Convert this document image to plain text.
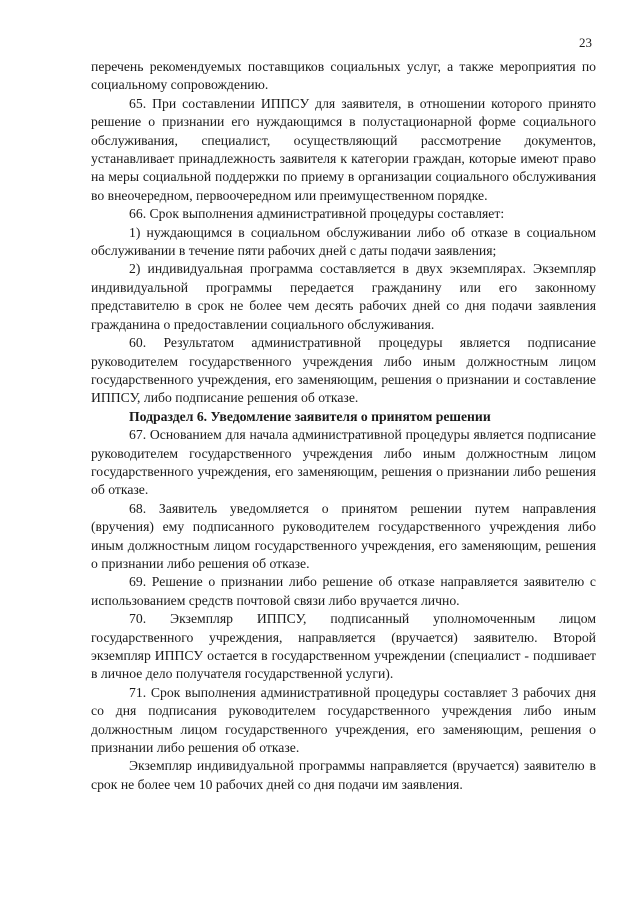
23

перечень рекомендуемых поставщиков социальных услуг, а также мероприятия по социальному сопровождению.

65. При составлении ИППСУ для заявителя, в отношении которого принято решение о признании его нуждающимся в полустационарной форме социального обслуживания, специалист, осуществляющий рассмотрение документов, устанавливает принадлежность заявителя к категории граждан, которые имеют право на меры социальной поддержки по приему в организации социального обслуживания во внеочередном, первоочередном или преимущественном порядке.

66. Срок выполнения административной процедуры составляет:

1) нуждающимся в социальном обслуживании либо об отказе в социальном обслуживании в течение пяти рабочих дней с даты подачи заявления;

2) индивидуальная программа составляется в двух экземплярах. Экземпляр индивидуальной программы передается гражданину или его законному представителю в срок не более чем десять рабочих дней со дня подачи заявления гражданина о предоставлении социального обслуживания.

60. Результатом административной процедуры является подписание руководителем государственного учреждения либо иным должностным лицом государственного учреждения, его заменяющим, решения о признании и составление ИППСУ, либо подписание решения об отказе.

Подраздел 6. Уведомление заявителя о принятом решении

67. Основанием для начала административной процедуры является подписание руководителем государственного учреждения либо иным должностным лицом государственного учреждения, его заменяющим, решения о признании либо решения об отказе.

68. Заявитель уведомляется о принятом решении путем направления (вручения) ему подписанного руководителем государственного учреждения либо иным должностным лицом государственного учреждения, его заменяющим, решения о признании либо решения об отказе.

69. Решение о признании либо решение об отказе направляется заявителю с использованием средств почтовой связи либо вручается лично.

70. Экземпляр ИППСУ, подписанный уполномоченным лицом государственного учреждения, направляется (вручается) заявителю. Второй экземпляр ИППСУ остается в государственном учреждении (специалист - подшивает в личное дело получателя государственной услуги).

71. Срок выполнения административной процедуры составляет 3 рабочих дня со дня подписания руководителем государственного учреждения либо иным должностным лицом государственного учреждения, его заменяющим, решения о признании либо решения об отказе.

Экземпляр индивидуальной программы направляется (вручается) заявителю в срок не более чем 10 рабочих дней со дня подачи им заявления.
